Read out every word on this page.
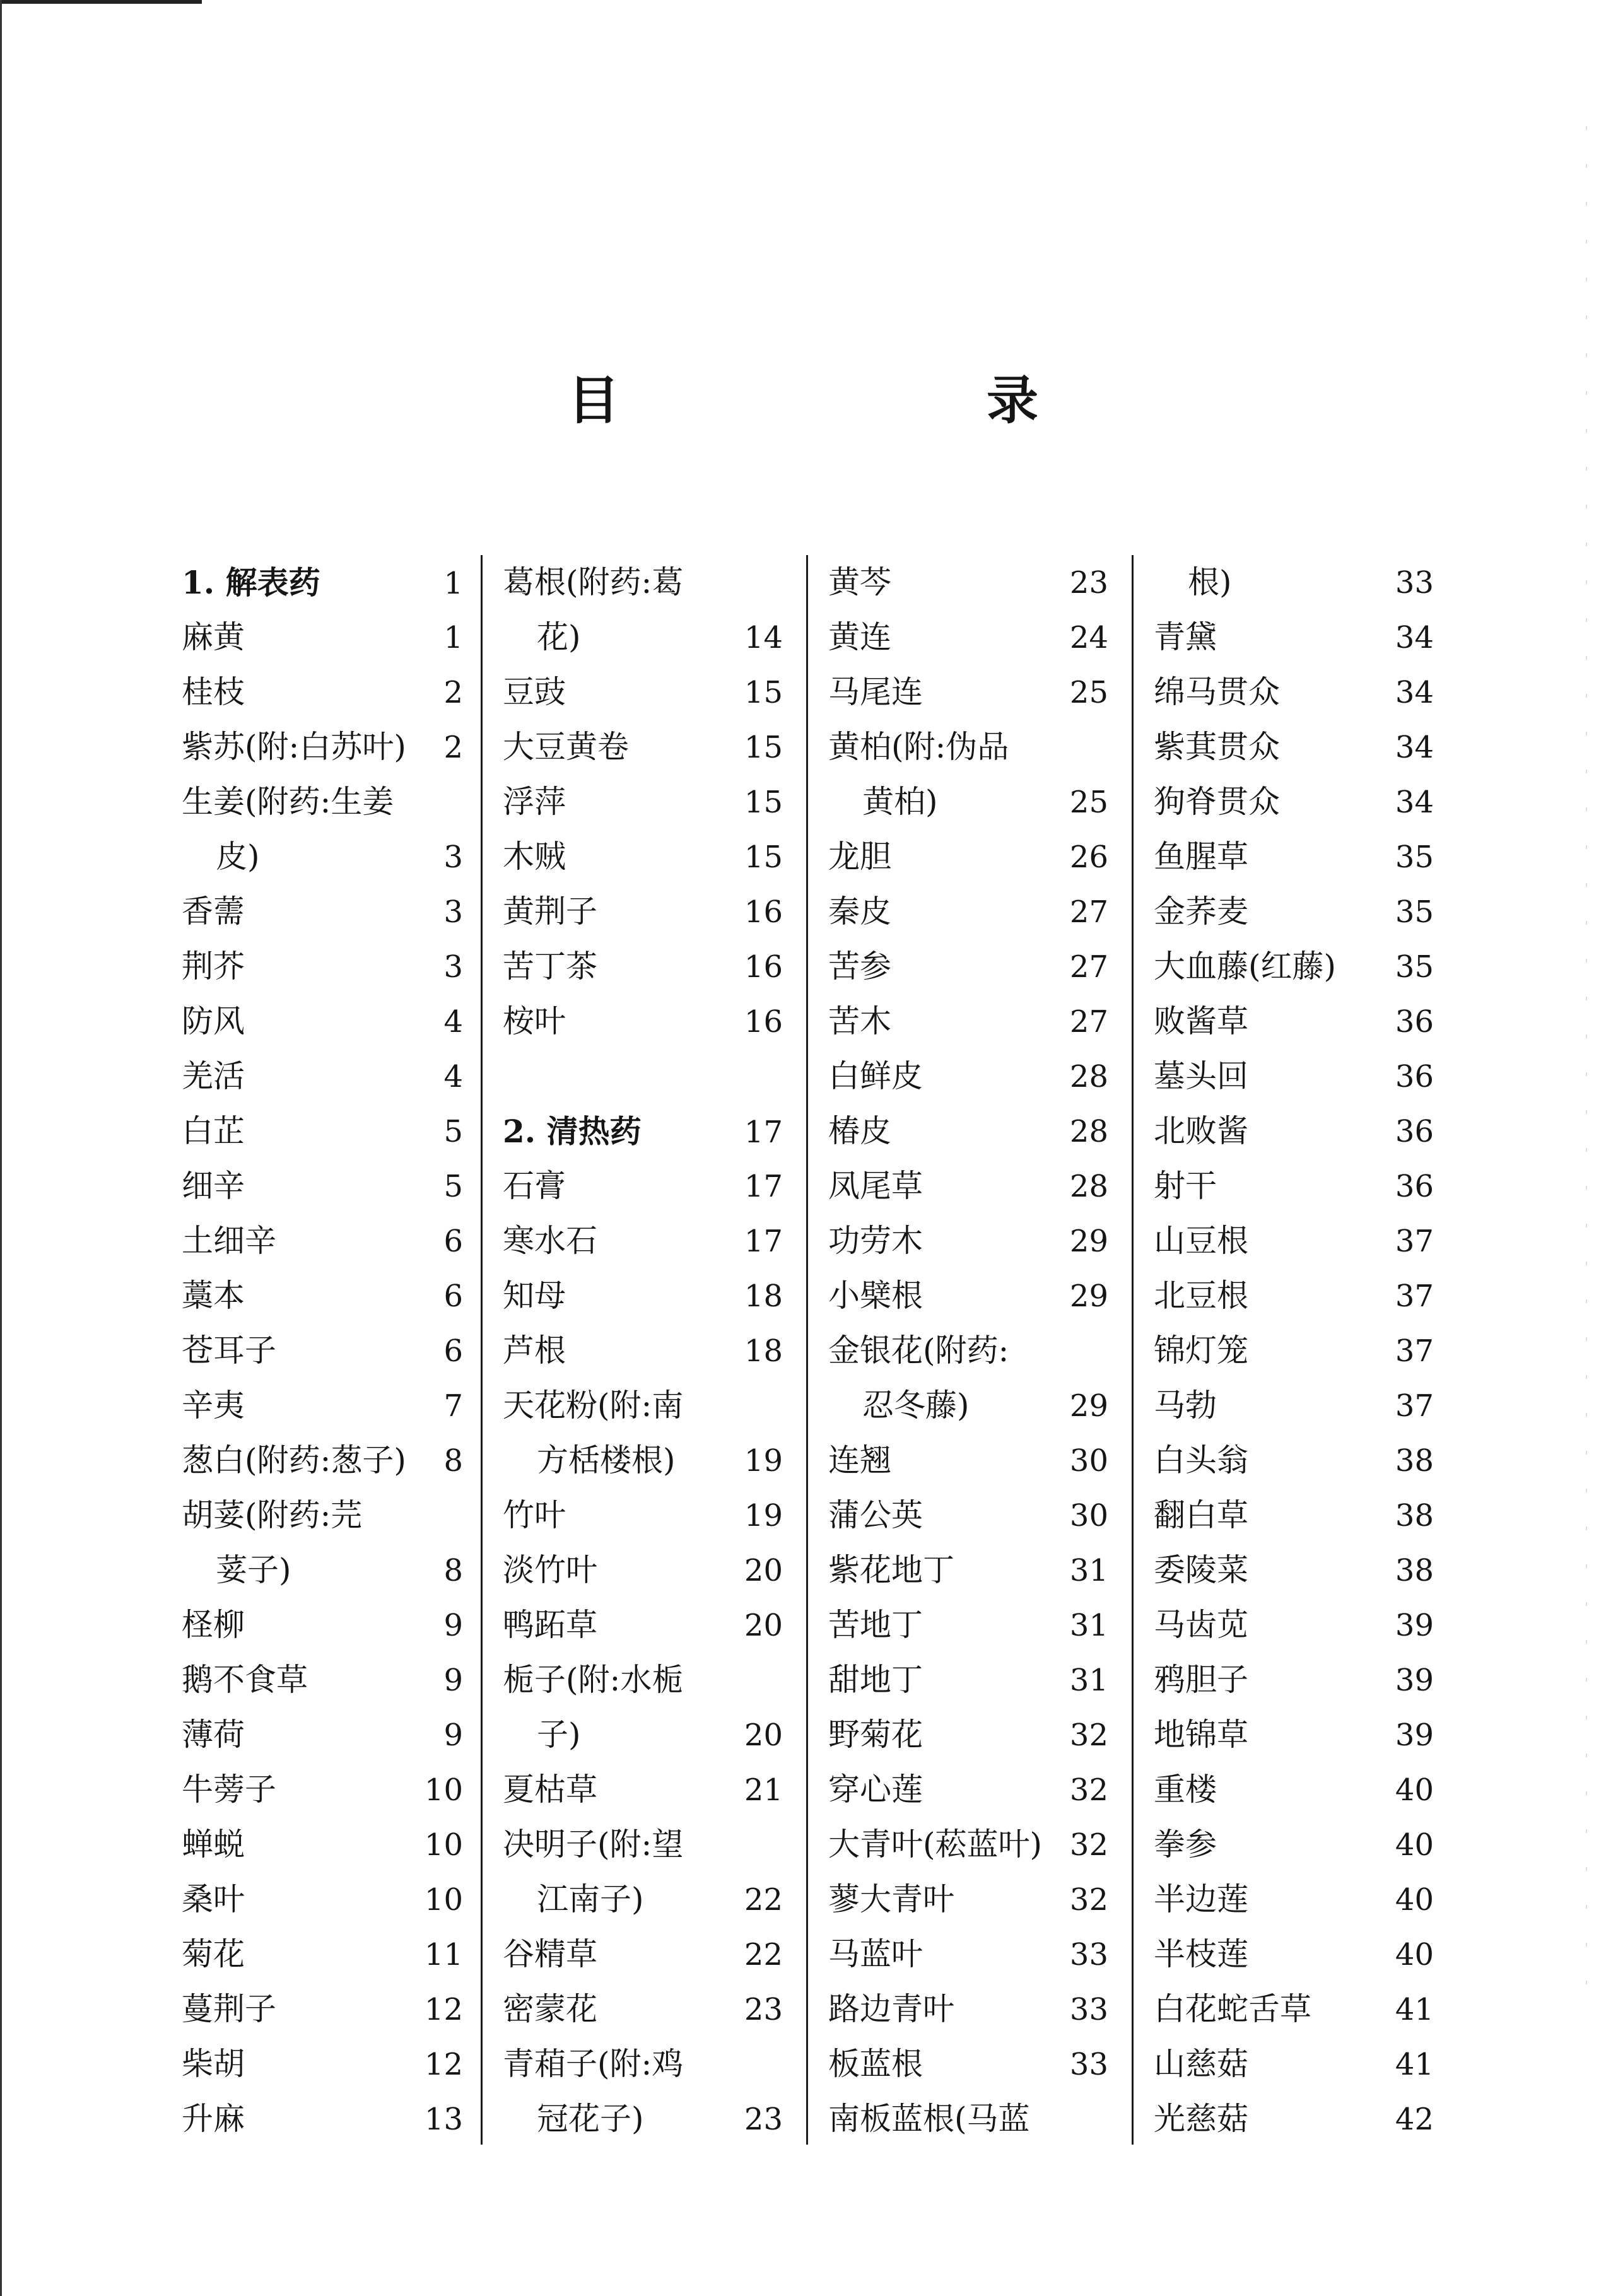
目　录
1. 解表药	1
麻黄	1
桂枝	2
紫苏(附:白苏叶) 2
生姜(附药:生姜
皮)	3
香薷	3
荆芥	3
防风	4
羌活	4
白芷	5
细辛	5
土细辛	6
藁本	6
苍耳子	6
辛夷	7
葱白(附药:葱子) 8
胡荽(附药:芫
荽子)	8
柽柳	9
鹅不食草	9
薄荷	9
牛蒡子	10
蝉蜕	10
桑叶	10
菊花	11
蔓荆子	12
柴胡	12
升麻	13
葛根(附药:葛
花)	14
豆豉	15
大豆黄卷	15
浮萍	15
木贼	15
黄荆子	16
苦丁茶	16
桉叶	16
2. 清热药	17
石膏	17
寒水石	17
知母	18
芦根	18
天花粉(附:南
方栝楼根) 19
竹叶	19
淡竹叶	20
鸭跖草	20
栀子(附:水栀
子)	20
夏枯草	21
决明子(附:望
江南子)	22
谷精草	22
密蒙花	23
青葙子(附:鸡
冠花子)	23
黄芩	23
黄连	24
马尾连	25
黄柏(附:伪品
黄柏)	25
龙胆	26
秦皮	27
苦参	27
苦木	27
白鲜皮	28
椿皮	28
凤尾草	28
功劳木	29
小檗根	29
金银花(附药:
忍冬藤)	29
连翘	30
蒲公英	30
紫花地丁	31
苦地丁	31
甜地丁	31
野菊花	32
穿心莲	32
大青叶(菘蓝叶) 32
蓼大青叶	32
马蓝叶	33
路边青叶	33
板蓝根	33
南板蓝根(马蓝
根)	33
青黛	34
绵马贯众	34
紫萁贯众	34
狗脊贯众	34
鱼腥草	35
金荞麦	35
大血藤(红藤) 35
败酱草	36
墓头回	36
北败酱	36
射干	36
山豆根	37
北豆根	37
锦灯笼	37
马勃	37
白头翁	38
翻白草	38
委陵菜	38
马齿苋	39
鸦胆子	39
地锦草	39
重楼	40
拳参	40
半边莲	40
半枝莲	40
白花蛇舌草	41
山慈菇	41
光慈菇	42
